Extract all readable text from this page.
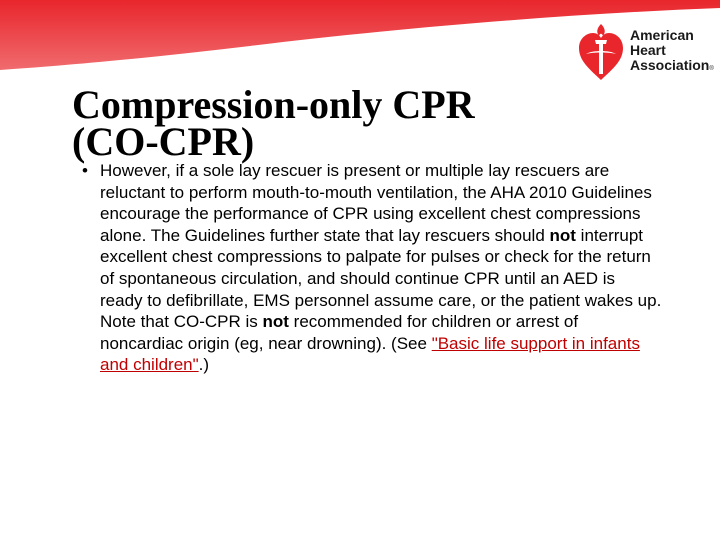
American
Heart
Association®
Compression-only CPR
(CO-CPR)
• However, if a sole lay rescuer is present or multiple lay rescuers are reluctant to perform mouth-to-mouth ventilation, the AHA 2010 Guidelines encourage the performance of CPR using excellent chest compressions alone. The Guidelines further state that lay rescuers should not interrupt excellent chest compressions to palpate for pulses or check for the return of spontaneous circulation, and should continue CPR until an AED is ready to defibrillate, EMS personnel assume care, or the patient wakes up. Note that CO-CPR is not recommended for children or arrest of noncardiac origin (eg, near drowning). (See "Basic life support in infants and children".)
